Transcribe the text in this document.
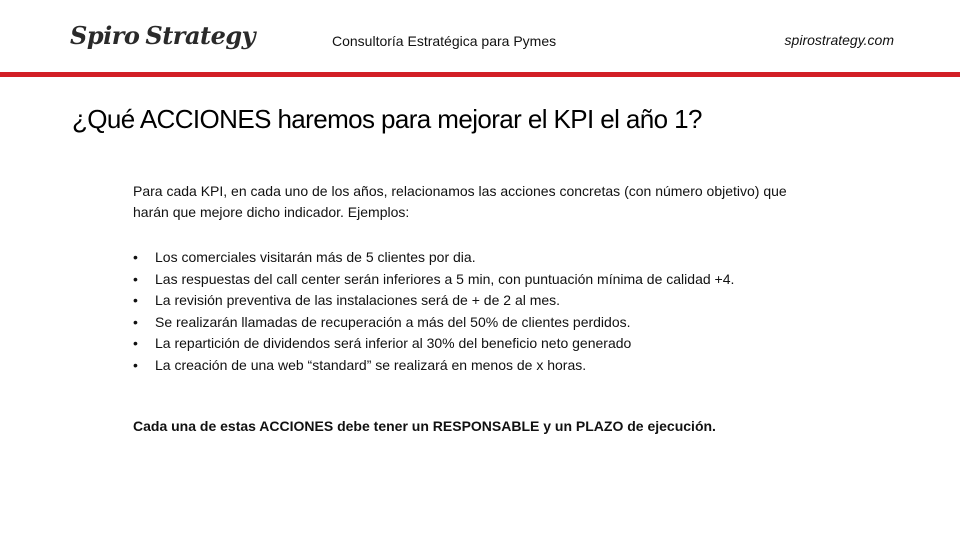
Spiro Strategy	Consultoría Estratégica para Pymes	spirostrategy.com
¿Qué ACCIONES haremos para mejorar el KPI el año 1?
Para cada KPI, en cada uno de los años, relacionamos las acciones concretas (con número objetivo) que harán que mejore dicho indicador. Ejemplos:
•	Los comerciales visitarán más de 5 clientes por dia.
•	Las respuestas del call center serán inferiores a 5 min, con puntuación mínima de calidad +4.
•	La revisión preventiva de las instalaciones será de + de 2 al mes.
•	Se realizarán llamadas de recuperación a más del 50% de clientes perdidos.
•	La repartición de dividendos será inferior al 30% del beneficio neto generado
•	La creación de una web “standard” se realizará en menos de x horas.
Cada una de estas ACCIONES debe tener un RESPONSABLE y un PLAZO de ejecución.
